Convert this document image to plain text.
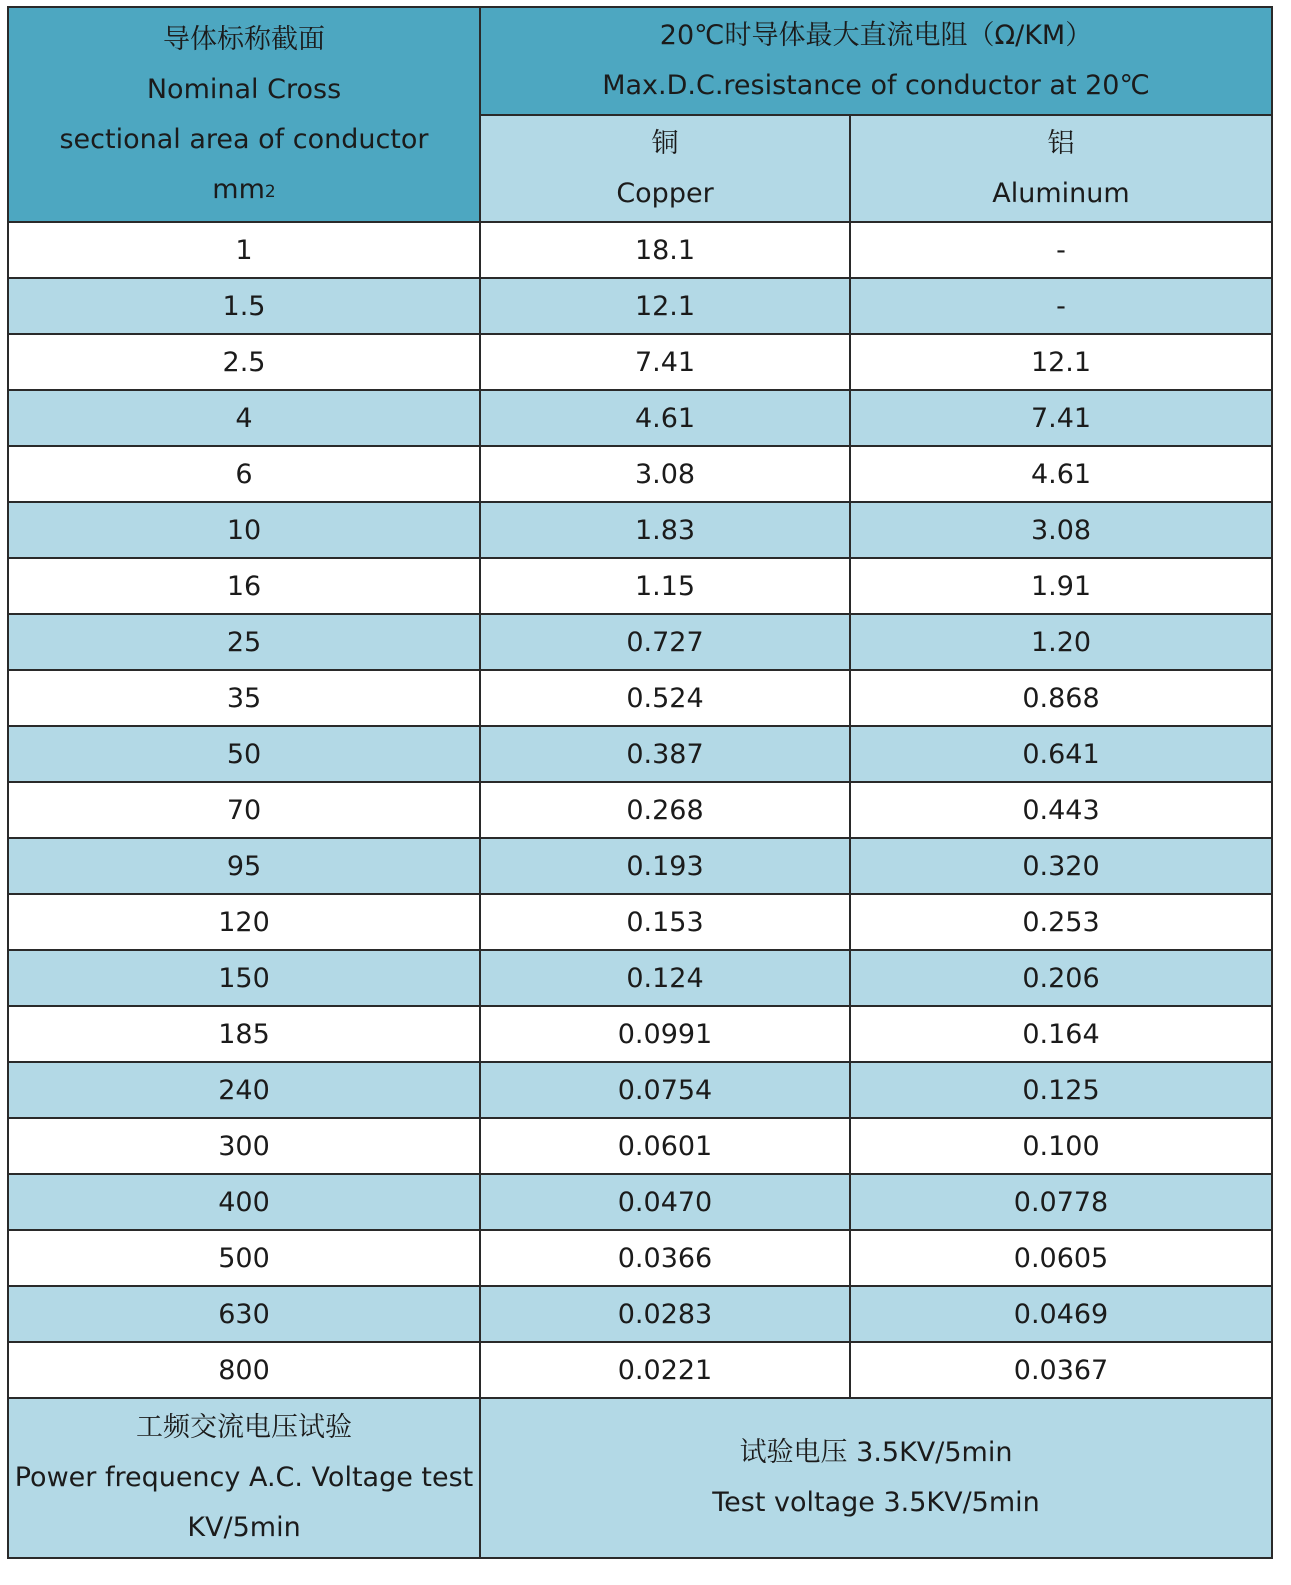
导体标称截面
Nominal Cross
sectional area of conductor
$mm^2$	20℃时导体最大直流电阻（Ω/KM）
Max.D.C.resistance of conductor at 20℃	

	铜
Copper	铝
Aluminum

1	18.1	-
1.5	12.1	-
2.5	7.41	12.1
4	4.61	7.41
6	3.08	4.61
10	1.83	3.08
16	1.15	1.91
25	0.727	1.20
35	0.524	0.868
50	0.387	0.641
70	0.268	0.443
95	0.193	0.320
120	0.153	0.253
150	0.124	0.206
185	0.0991	0.164
240	0.0754	0.125
300	0.0601	0.100
400	0.0470	0.0778
500	0.0366	0.0605
630	0.0283	0.0469
800	0.0221	0.0367

工频交流电压试验
Power frequency A.C. Voltage test
KV/5min	试验电压 3.5KV/5min
Test voltage 3.5KV/5min	
